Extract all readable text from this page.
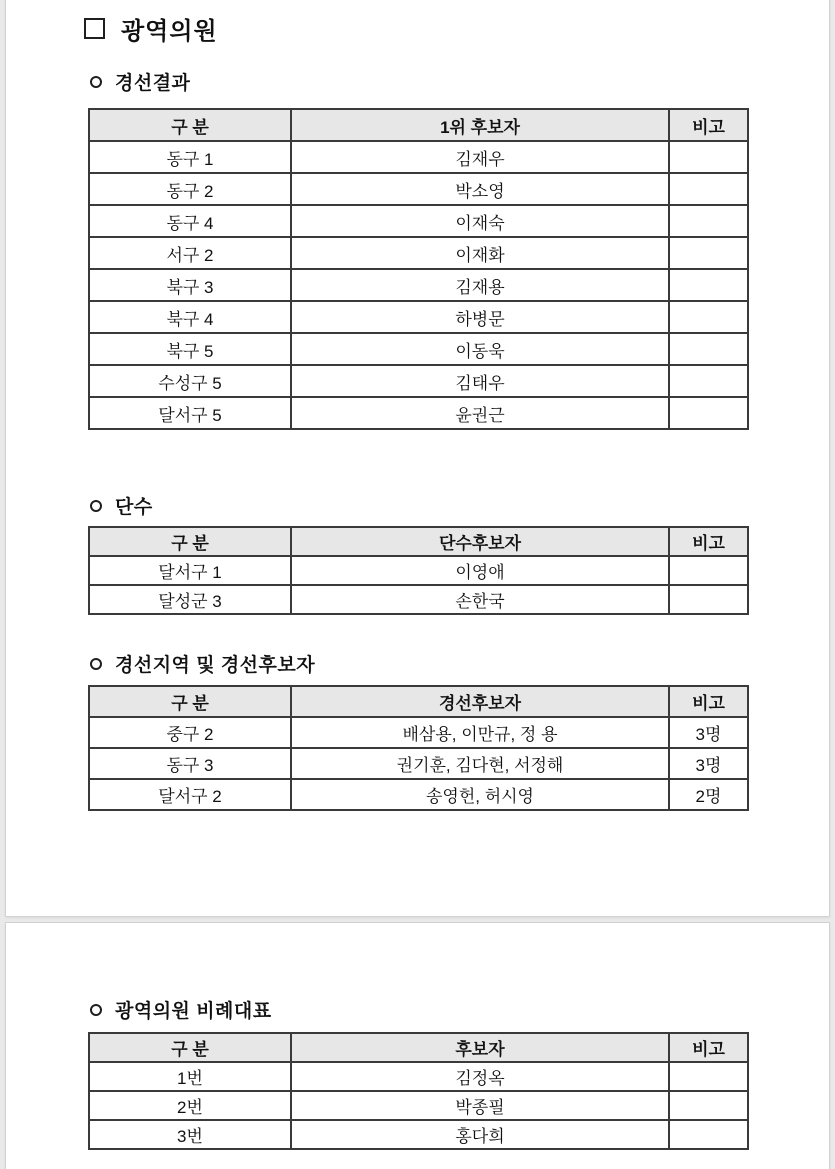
광역의원
경선결과
구 분	1위 후보자	비고
동구 1	김재우	
동구 2	박소영	
동구 4	이재숙	
서구 2	이재화	
북구 3	김재용	
북구 4	하병문	
북구 5	이동욱	
수성구 5	김태우	
달서구 5	윤권근	
단수
구 분	단수후보자	비고
달서구 1	이영애	
달성군 3	손한국	
경선지역 및 경선후보자
구 분	경선후보자	비고
중구 2	배삼용, 이만규, 정 용	3명
동구 3	권기훈, 김다현, 서정해	3명
달서구 2	송영헌, 허시영	2명
광역의원 비례대표
구 분	후보자	비고
1번	김정옥	
2번	박종필	
3번	홍다희	
